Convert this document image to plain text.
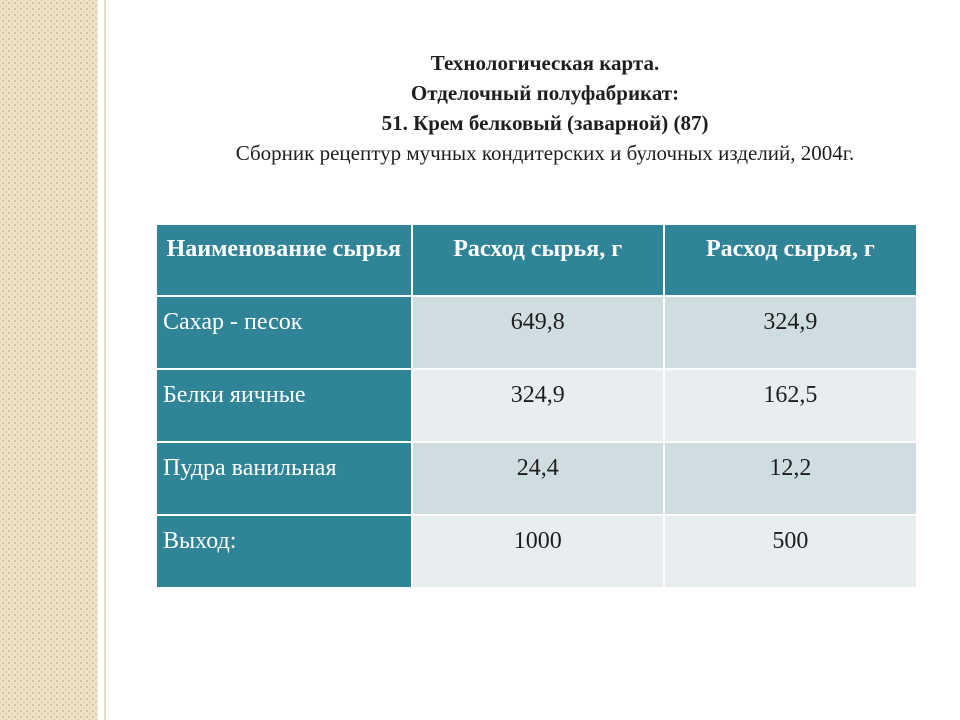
Технологическая карта.
Отделочный полуфабрикат:
51. Крем белковый (заварной) (87)
Сборник рецептур мучных кондитерских и булочных изделий, 2004г.
Наименование сырья	Расход сырья, г	Расход сырья, г
Сахар - песок	649,8	324,9
Белки яичные	324,9	162,5
Пудра ванильная	24,4	12,2
Выход:	1000	500
